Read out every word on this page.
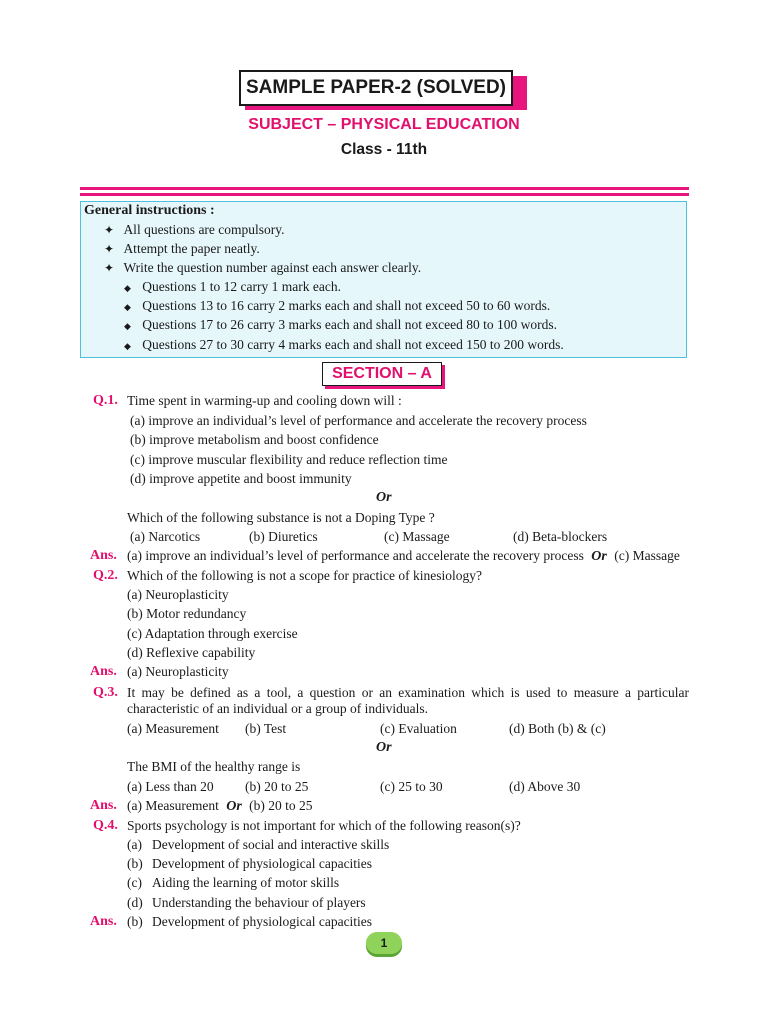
SAMPLE PAPER-2 (SOLVED)
SUBJECT – PHYSICAL EDUCATION
Class - 11th
General instructions :
✦ All questions are compulsory.
✦ Attempt the paper neatly.
✦ Write the question number against each answer clearly.
◆ Questions 1 to 12 carry 1 mark each.
◆ Questions 13 to 16 carry 2 marks each and shall not exceed 50 to 60 words.
◆ Questions 17 to 26 carry 3 marks each and shall not exceed 80 to 100 words.
◆ Questions 27 to 30 carry 4 marks each and shall not exceed 150 to 200 words.
SECTION – A
Q.1. Time spent in warming-up and cooling down will :
(a) improve an individual’s level of performance and accelerate the recovery process
(b) improve metabolism and boost confidence
(c) improve muscular flexibility and reduce reflection time
(d) improve appetite and boost immunity
Or
Which of the following substance is not a Doping Type ?
(a) Narcotics	(b) Diuretics	(c) Massage	(d) Beta-blockers
Ans. (a) improve an individual’s level of performance and accelerate the recovery process Or (c) Massage
Q.2. Which of the following is not a scope for practice of kinesiology?
(a) Neuroplasticity
(b) Motor redundancy
(c) Adaptation through exercise
(d) Reflexive capability
Ans. (a) Neuroplasticity
Q.3. It may be defined as a tool, a question or an examination which is used to measure a particular
characteristic of an individual or a group of individuals.
(a) Measurement (b) Test	(c) Evaluation	(d) Both (b) & (c)
Or
The BMI of the healthy range is
(a) Less than 20 (b) 20 to 25	(c) 25 to 30	(d) Above 30
Ans. (a) Measurement Or (b) 20 to 25
Q.4. Sports psychology is not important for which of the following reason(s)?
(a) Development of social and interactive skills
(b) Development of physiological capacities
(c) Aiding the learning of motor skills
(d) Understanding the behaviour of players
Ans. (b) Development of physiological capacities
1
